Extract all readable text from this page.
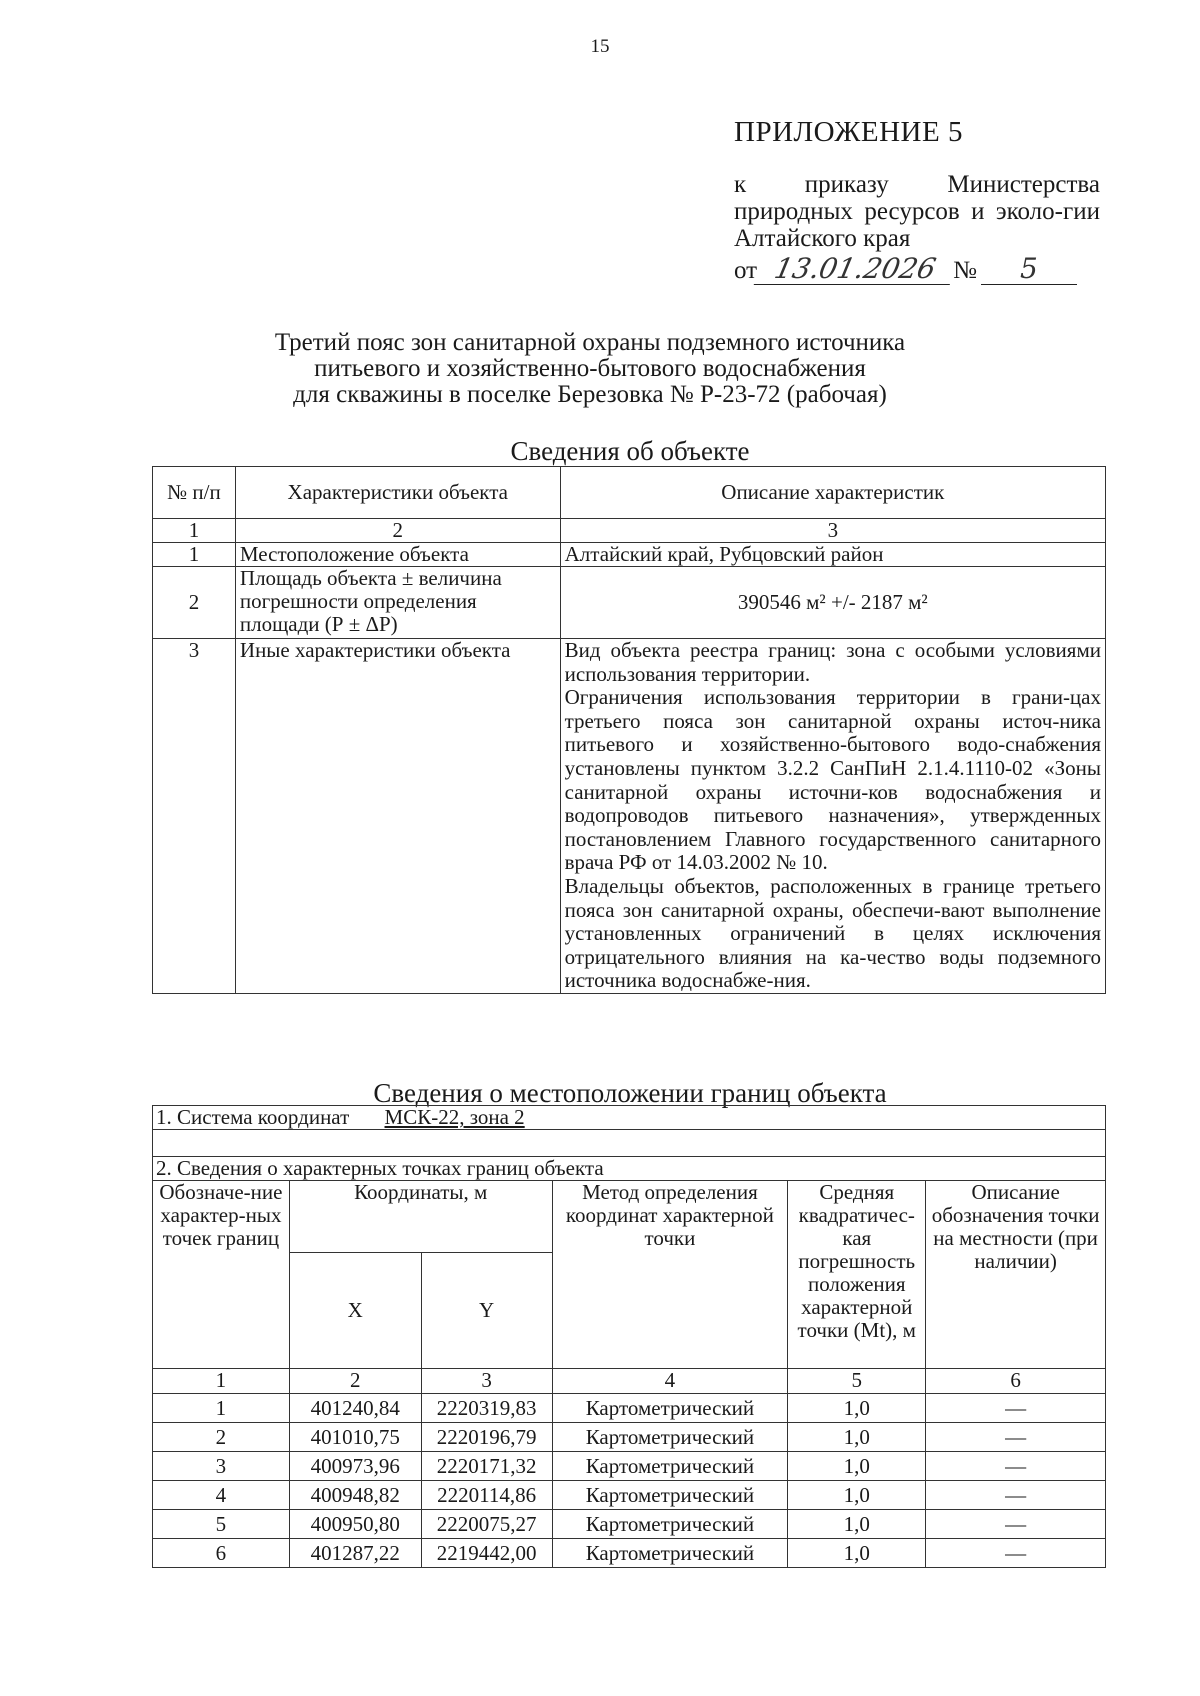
15
ПРИЛОЖЕНИЕ 5
к приказу Министерства
природных ресурсов и эколо-гии Алтайского края
от 13.01.2026 №	5
Третий пояс зон санитарной охраны подземного источника
питьевого и хозяйственно-бытового водоснабжения
для скважины в поселке Березовка № Р-23-72 (рабочая)
Сведения об объекте
№ п/п	Характеристики объекта	Описание характеристик
1	2	3
1	Местоположение объекта	Алтайский край, Рубцовский район
2	Площадь объекта ± величина погрешности определения площади (Р ± ΔР)	390546 м² +/- 2187 м²
3	Иные характеристики объекта	Вид объекта реестра границ: зона с особыми условиями использования территории.

Ограничения использования территории в грани-цах третьего пояса зон санитарной охраны источ-ника питьевого и хозяйственно-бытового водо-снабжения установлены пунктом 3.2.2 СанПиН 2.1.4.1110-02 «Зоны санитарной охраны источни-ков водоснабжения и водопроводов питьевого назначения», утвержденных постановлением Главного государственного санитарного врача РФ от 14.03.2002 № 10.

Владельцы объектов, расположенных в границе третьего пояса зон санитарной охраны, обеспечи-вают выполнение установленных ограничений в целях исключения отрицательного влияния на ка-чество воды подземного источника водоснабже-ния.

Сведения о местоположении границ объекта
1. Система координат МСК-22, зона 2					

2. Сведения о характерных точках границ объекта					
Обозначе-ние характер-ных точек границ	Координаты, м		Метод определения координат характерной точки	Средняя квадратичес-кая погрешность положения характерной точки (Mt), м	Описание обозначения точки на местности (при наличии)
	X	Y			
1	2	3	4	5	6
1	401240,84	2220319,83	Картометрический	1,0	—
2	401010,75	2220196,79	Картометрический	1,0	—
3	400973,96	2220171,32	Картометрический	1,0	—
4	400948,82	2220114,86	Картометрический	1,0	—
5	400950,80	2220075,27	Картометрический	1,0	—
6	401287,22	2219442,00	Картометрический	1,0	—
